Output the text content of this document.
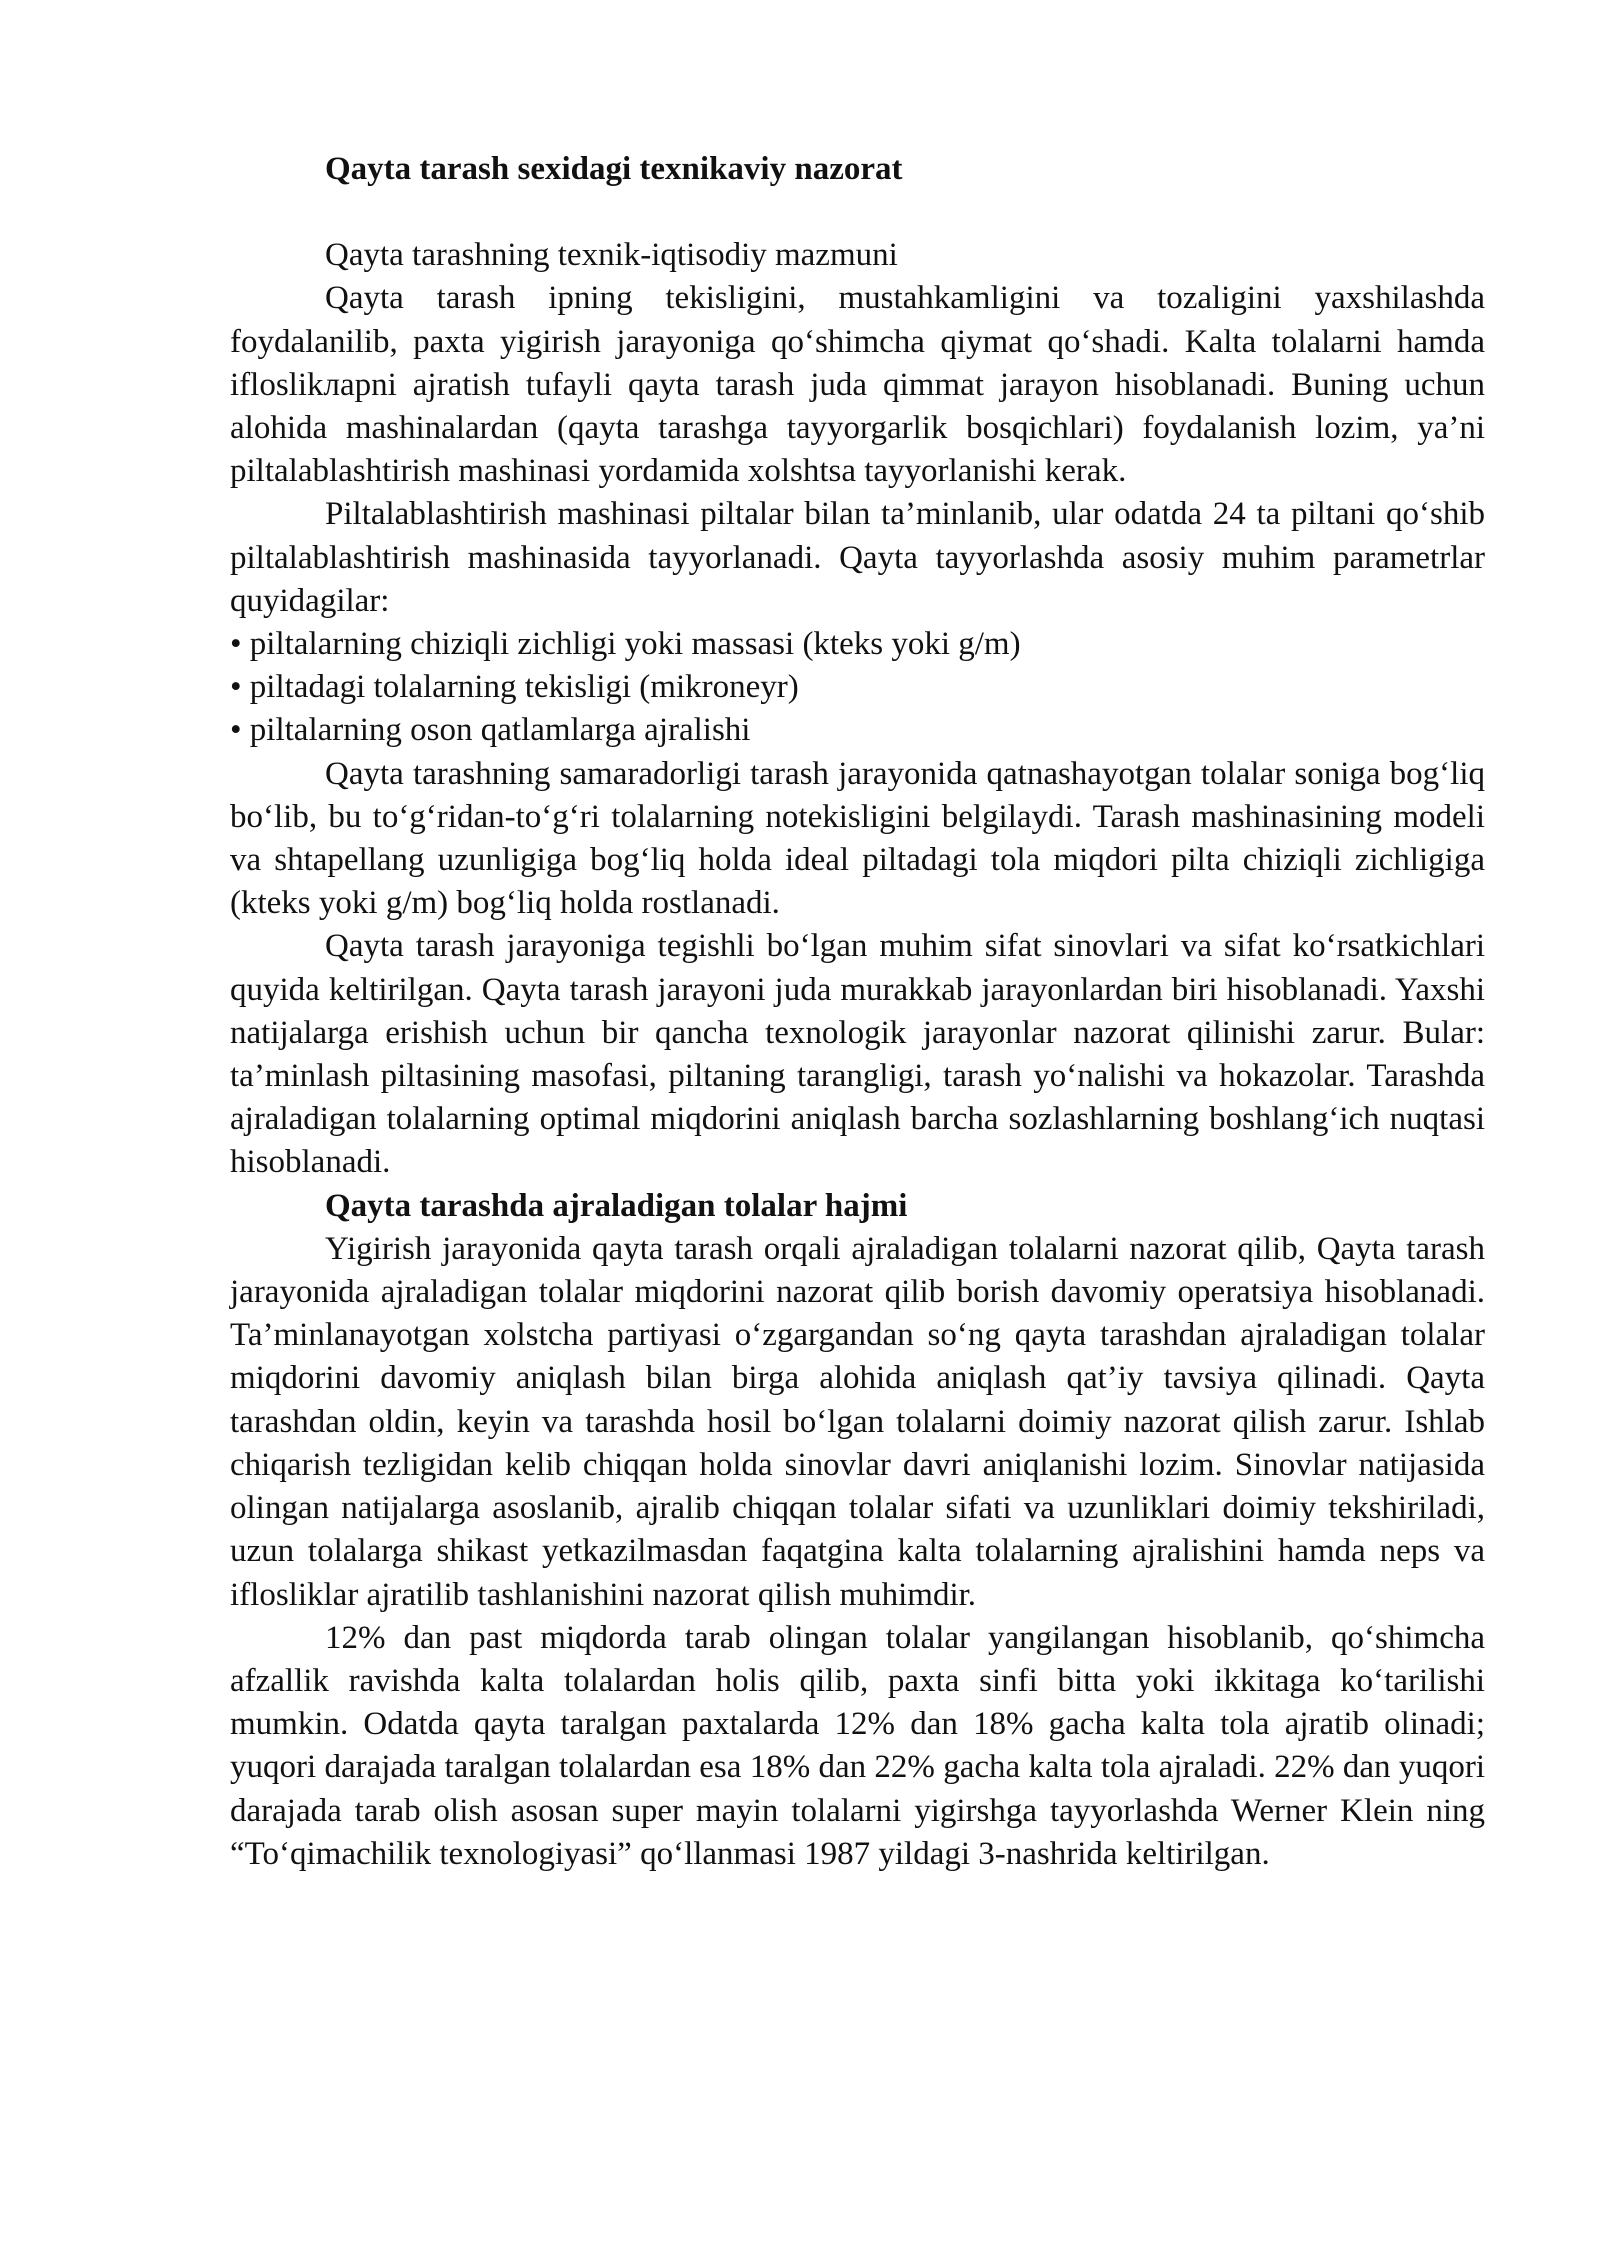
Qayta tarash sexidagi texnikaviy nazorat

Qayta tarashning texnik-iqtisodiy mazmuni

Qayta tarash ipning tekisligini, mustahkamligini va tozaligini yaxshilashda foydalanilib, paxta yigirish jarayoniga qo‘shimcha qiymat qo‘shadi. Kalta tolalarni hamda ifloslikларni ajratish tufayli qayta tarash juda qimmat jarayon hisoblanadi. Buning uchun alohida mashinalardan (qayta tarashga tayyorgarlik bosqichlari) foydalanish lozim, ya’ni piltalablashtirish mashinasi yordamida xolshtsa tayyorlanishi kerak.

Piltalablashtirish mashinasi piltalar bilan ta’minlanib, ular odatda 24 ta piltani qo‘shib piltalablashtirish mashinasida tayyorlanadi. Qayta tayyorlashda asosiy muhim parametrlar quyidagilar:

• piltalarning chiziqli zichligi yoki massasi (kteks yoki g/m)

• piltadagi tolalarning tekisligi (mikroneyr)

• piltalarning oson qatlamlarga ajralishi

Qayta tarashning samaradorligi tarash jarayonida qatnashayotgan tolalar soniga bog‘liq bo‘lib, bu to‘g‘ridan-to‘g‘ri tolalarning notekisligini belgilaydi. Tarash mashinasining modeli va shtapellang uzunligiga bog‘liq holda ideal piltadagi tola miqdori pilta chiziqli zichligiga (kteks yoki g/m) bog‘liq holda rostlanadi.

Qayta tarash jarayoniga tegishli bo‘lgan muhim sifat sinovlari va sifat ko‘rsatkichlari quyida keltirilgan. Qayta tarash jarayoni juda murakkab jarayonlardan biri hisoblanadi. Yaxshi natijalarga erishish uchun bir qancha texnologik jarayonlar nazorat qilinishi zarur. Bular: ta’minlash piltasining masofasi, piltaning tarangligi, tarash yo‘nalishi va hokazolar. Tarashda ajraladigan tolalarning optimal miqdorini aniqlash barcha sozlashlarning boshlang‘ich nuqtasi hisoblanadi.

Qayta tarashda ajraladigan tolalar hajmi

Yigirish jarayonida qayta tarash orqali ajraladigan tolalarni nazorat qilib, Qayta tarash jarayonida ajraladigan tolalar miqdorini nazorat qilib borish davomiy operatsiya hisoblanadi. Ta’minlanayotgan xolstcha partiyasi o‘zgargandan so‘ng qayta tarashdan ajraladigan tolalar miqdorini davomiy aniqlash bilan birga alohida aniqlash qat’iy tavsiya qilinadi. Qayta tarashdan oldin, keyin va tarashda hosil bo‘lgan tolalarni doimiy nazorat qilish zarur. Ishlab chiqarish tezligidan kelib chiqqan holda sinovlar davri aniqlanishi lozim. Sinovlar natijasida olingan natijalarga asoslanib, ajralib chiqqan tolalar sifati va uzunliklari doimiy tekshiriladi, uzun tolalarga shikast yetkazilmasdan faqatgina kalta tolalarning ajralishini hamda neps va iflosliklar ajratilib tashlanishini nazorat qilish muhimdir.

12% dan past miqdorda tarab olingan tolalar yangilangan hisoblanib, qo‘shimcha afzallik ravishda kalta tolalardan holis qilib, paxta sinfi bitta yoki ikkitaga ko‘tarilishi mumkin. Odatda qayta taralgan paxtalarda 12% dan 18% gacha kalta tola ajratib olinadi; yuqori darajada taralgan tolalardan esa 18% dan 22% gacha kalta tola ajraladi. 22% dan yuqori darajada tarab olish asosan super mayin tolalarni yigirshga tayyorlashda Werner Klein ning “To‘qimachilik texnologiyasi” qo‘llanmasi 1987 yildagi 3-nashrida keltirilgan.
